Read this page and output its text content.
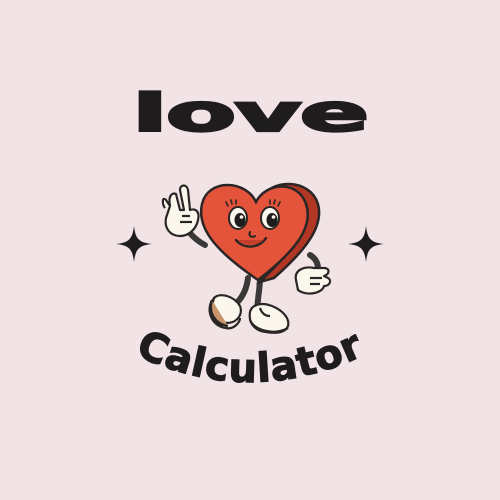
love
Calculator
